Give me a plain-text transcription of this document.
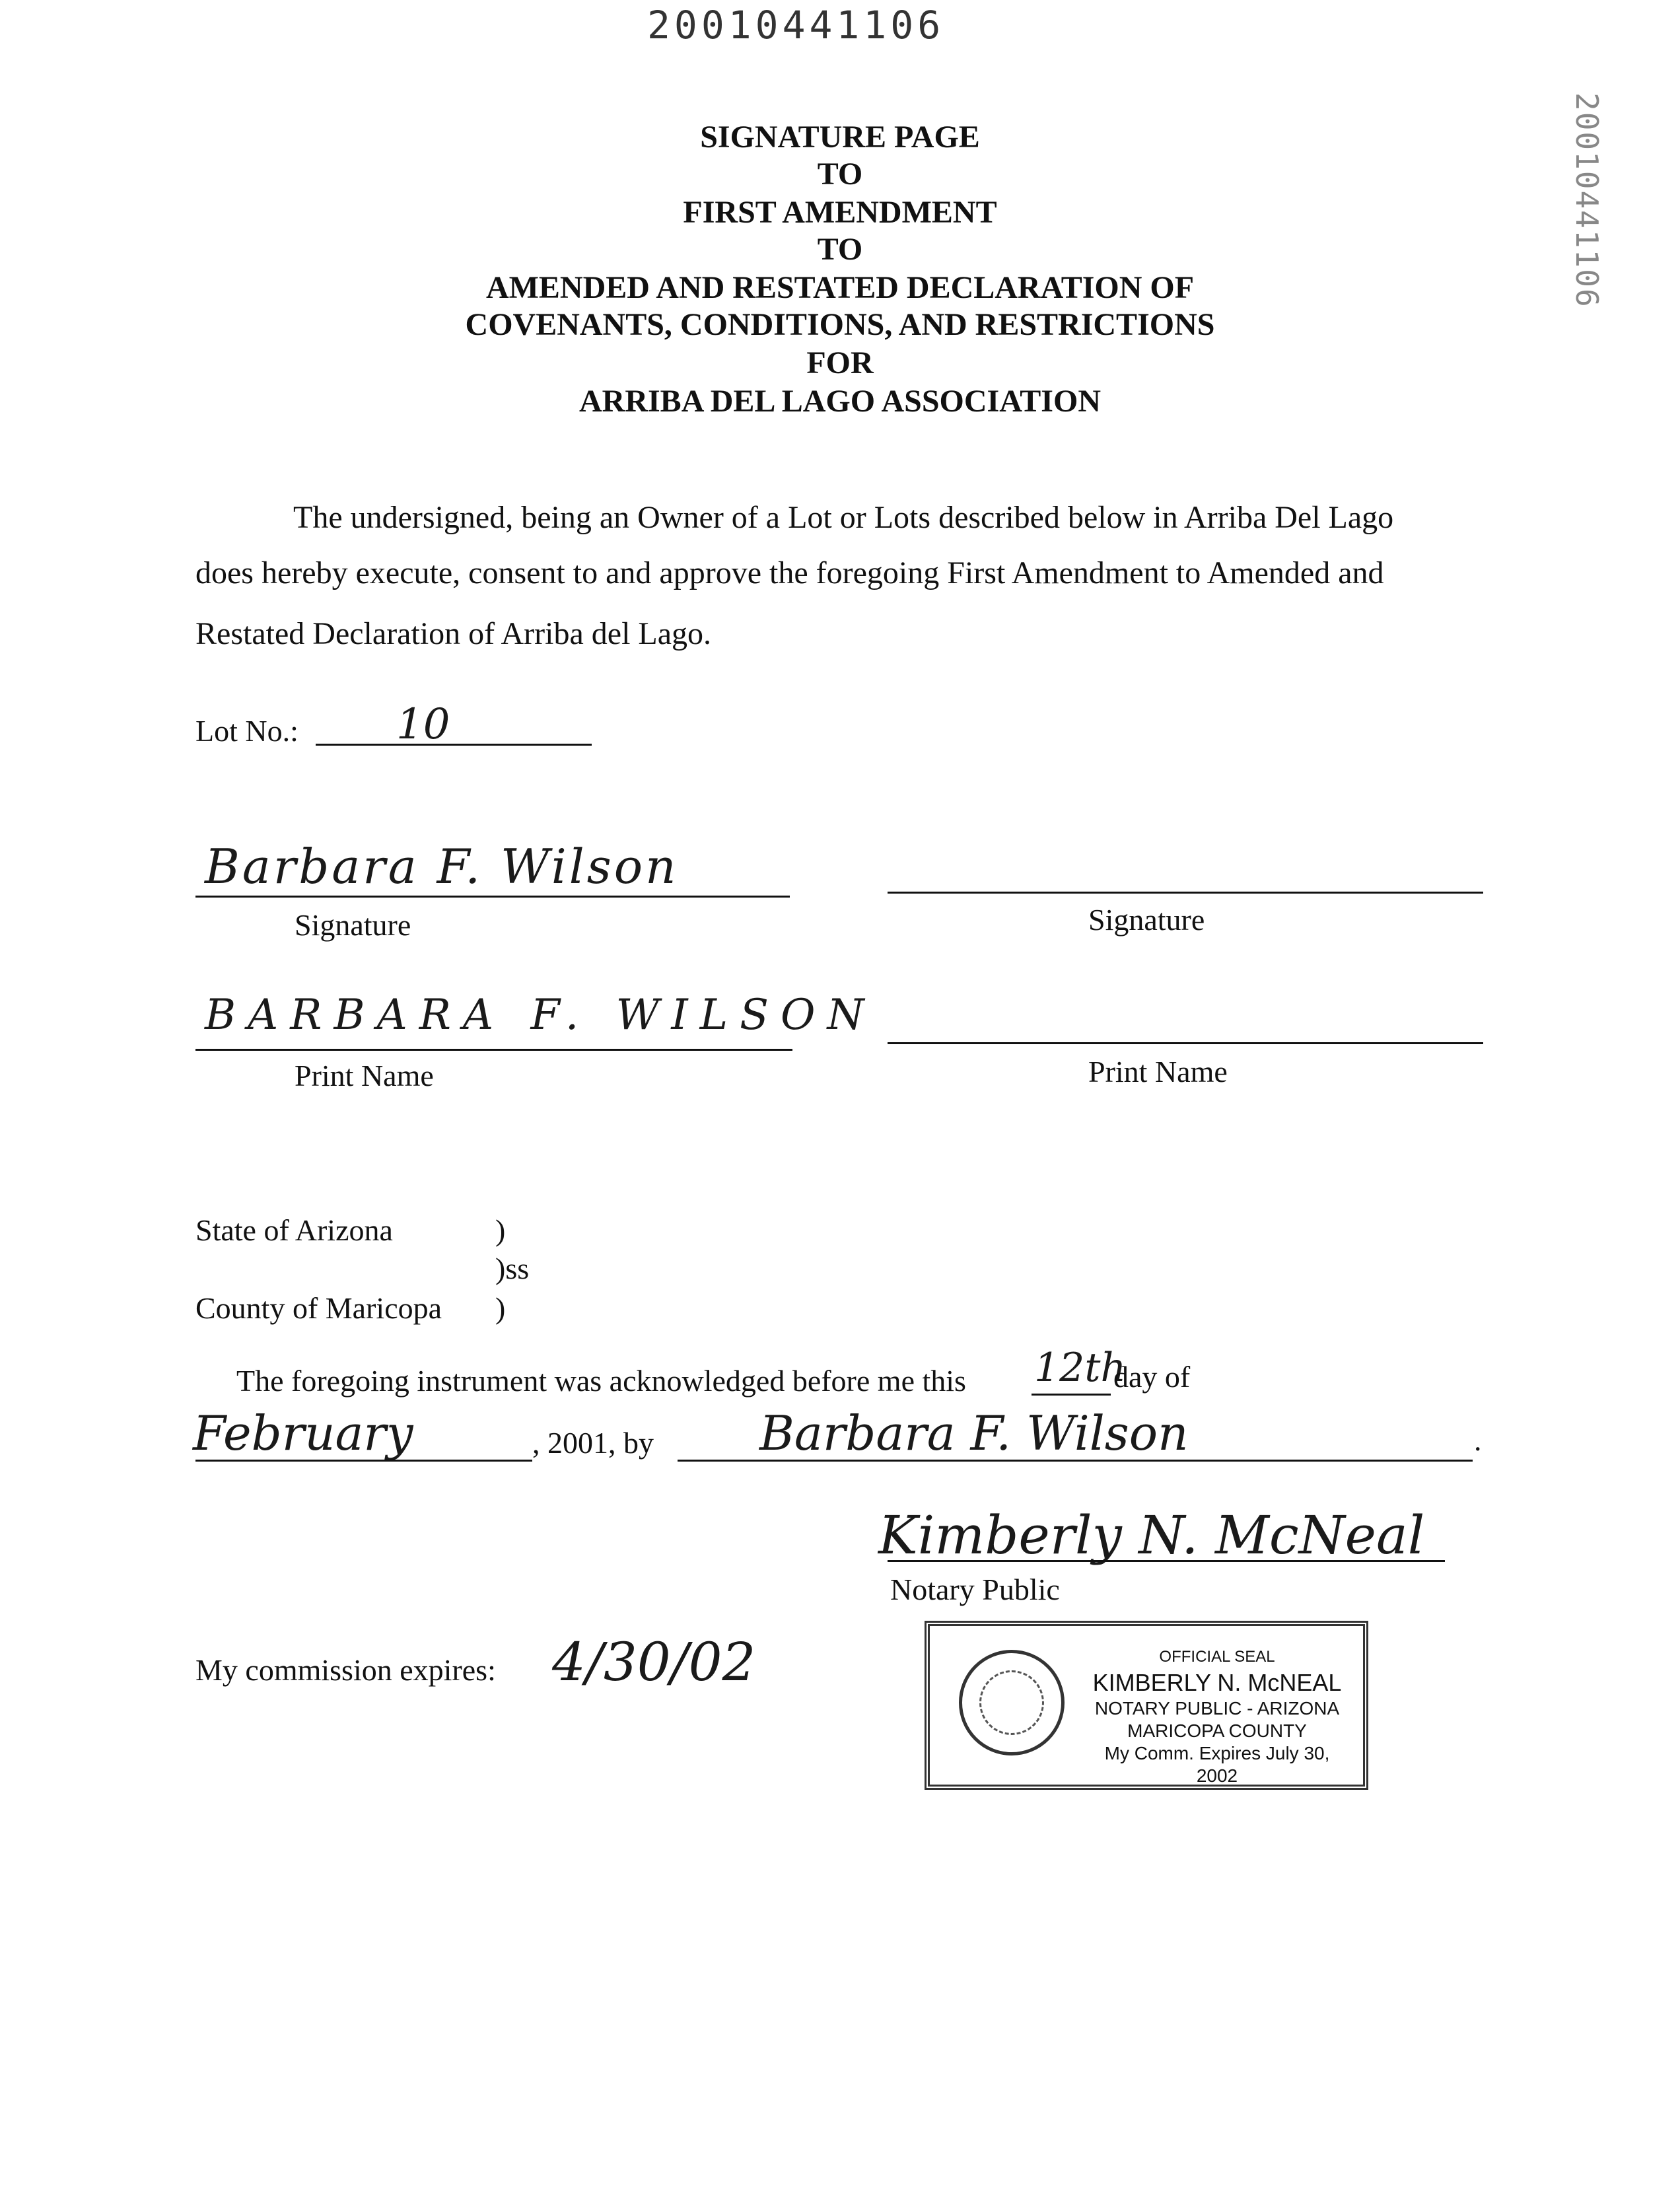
20010441106
20010441106
SIGNATURE PAGE
TO
FIRST AMENDMENT
TO
AMENDED AND RESTATED DECLARATION OF
COVENANTS, CONDITIONS, AND RESTRICTIONS
FOR
ARRIBA DEL LAGO ASSOCIATION
The undersigned, being an Owner of a Lot or Lots described below in Arriba Del Lago
does hereby execute, consent to and approve the foregoing First Amendment to Amended and
Restated Declaration of Arriba del Lago.
Lot No.: 10
Barbara F. Wilson
Signature	Signature
BARBARA F. WILSON
Print Name	Print Name
State of Arizona	)
)ss
County of Maricopa )
The foregoing instrument was acknowledged before me this 12th
day of
February	, 2001, by Barbara F. Wilson	.
Kimberly N. McNeal
Notary Public
My commission expires: 4/30/02	OFFICIAL SEAL
KIMBERLY N. McNEAL
NOTARY PUBLIC - ARIZONA
MARICOPA COUNTY
My Comm. Expires July 30, 2002
